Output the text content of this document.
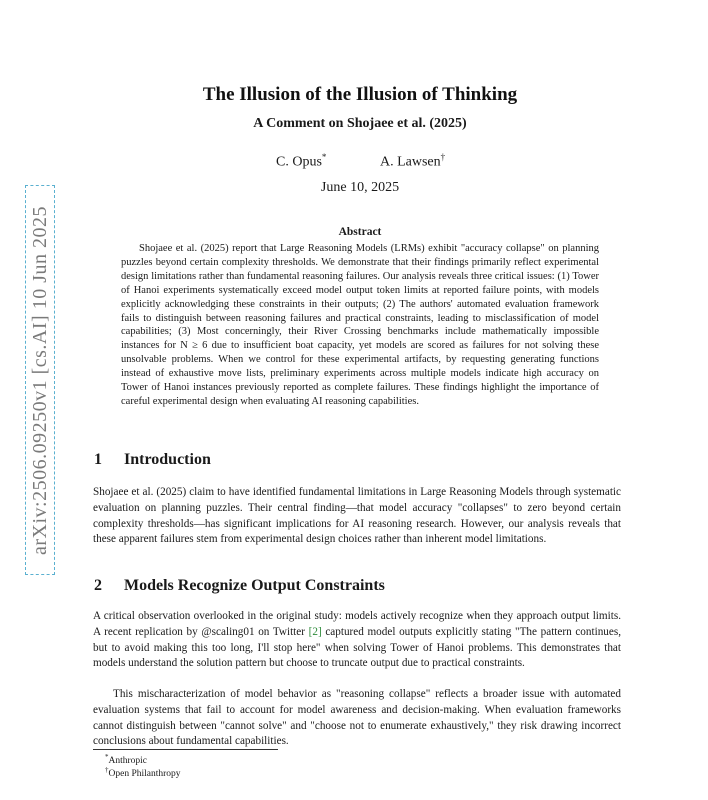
arXiv:2506.09250v1 [cs.AI] 10 Jun 2025
The Illusion of the Illusion of Thinking
A Comment on Shojaee et al. (2025)
C. Opus*	A. Lawsen†
June 10, 2025
Abstract
Shojaee et al. (2025) report that Large Reasoning Models (LRMs) exhibit "accuracy collapse" on planning puzzles beyond certain complexity thresholds. We demonstrate that their findings primarily reflect experimental design limitations rather than fundamental reasoning failures. Our analysis reveals three critical issues: (1) Tower of Hanoi experiments systematically exceed model output token limits at reported failure points, with models explicitly acknowledging these constraints in their outputs; (2) The authors' automated evaluation framework fails to distinguish between reasoning failures and practical constraints, leading to misclassification of model capabilities; (3) Most concerningly, their River Crossing benchmarks include mathematically impossible instances for N ≥ 6 due to insufficient boat capacity, yet models are scored as failures for not solving these unsolvable problems. When we control for these experimental artifacts, by requesting generating functions instead of exhaustive move lists, preliminary experiments across multiple models indicate high accuracy on Tower of Hanoi instances previously reported as complete failures. These findings highlight the importance of careful experimental design when evaluating AI reasoning capabilities.
1 Introduction

Shojaee et al. (2025) claim to have identified fundamental limitations in Large Reasoning Models through systematic evaluation on planning puzzles. Their central finding—that model accuracy "collapses" to zero beyond certain complexity thresholds—has significant implications for AI reasoning research. However, our analysis reveals that these apparent failures stem from experimental design choices rather than inherent model limitations.

2 Models Recognize Output Constraints

A critical observation overlooked in the original study: models actively recognize when they approach output limits. A recent replication by @scaling01 on Twitter [2] captured model outputs explicitly stating "The pattern continues, but to avoid making this too long, I'll stop here" when solving Tower of Hanoi problems. This demonstrates that models understand the solution pattern but choose to truncate output due to practical constraints.

This mischaracterization of model behavior as "reasoning collapse" reflects a broader issue with automated evaluation systems that fail to account for model awareness and decision-making. When evaluation frameworks cannot distinguish between "cannot solve" and "choose not to enumerate exhaustively," they risk drawing incorrect conclusions about fundamental capabilities.

*Anthropic
†Open Philanthropy
